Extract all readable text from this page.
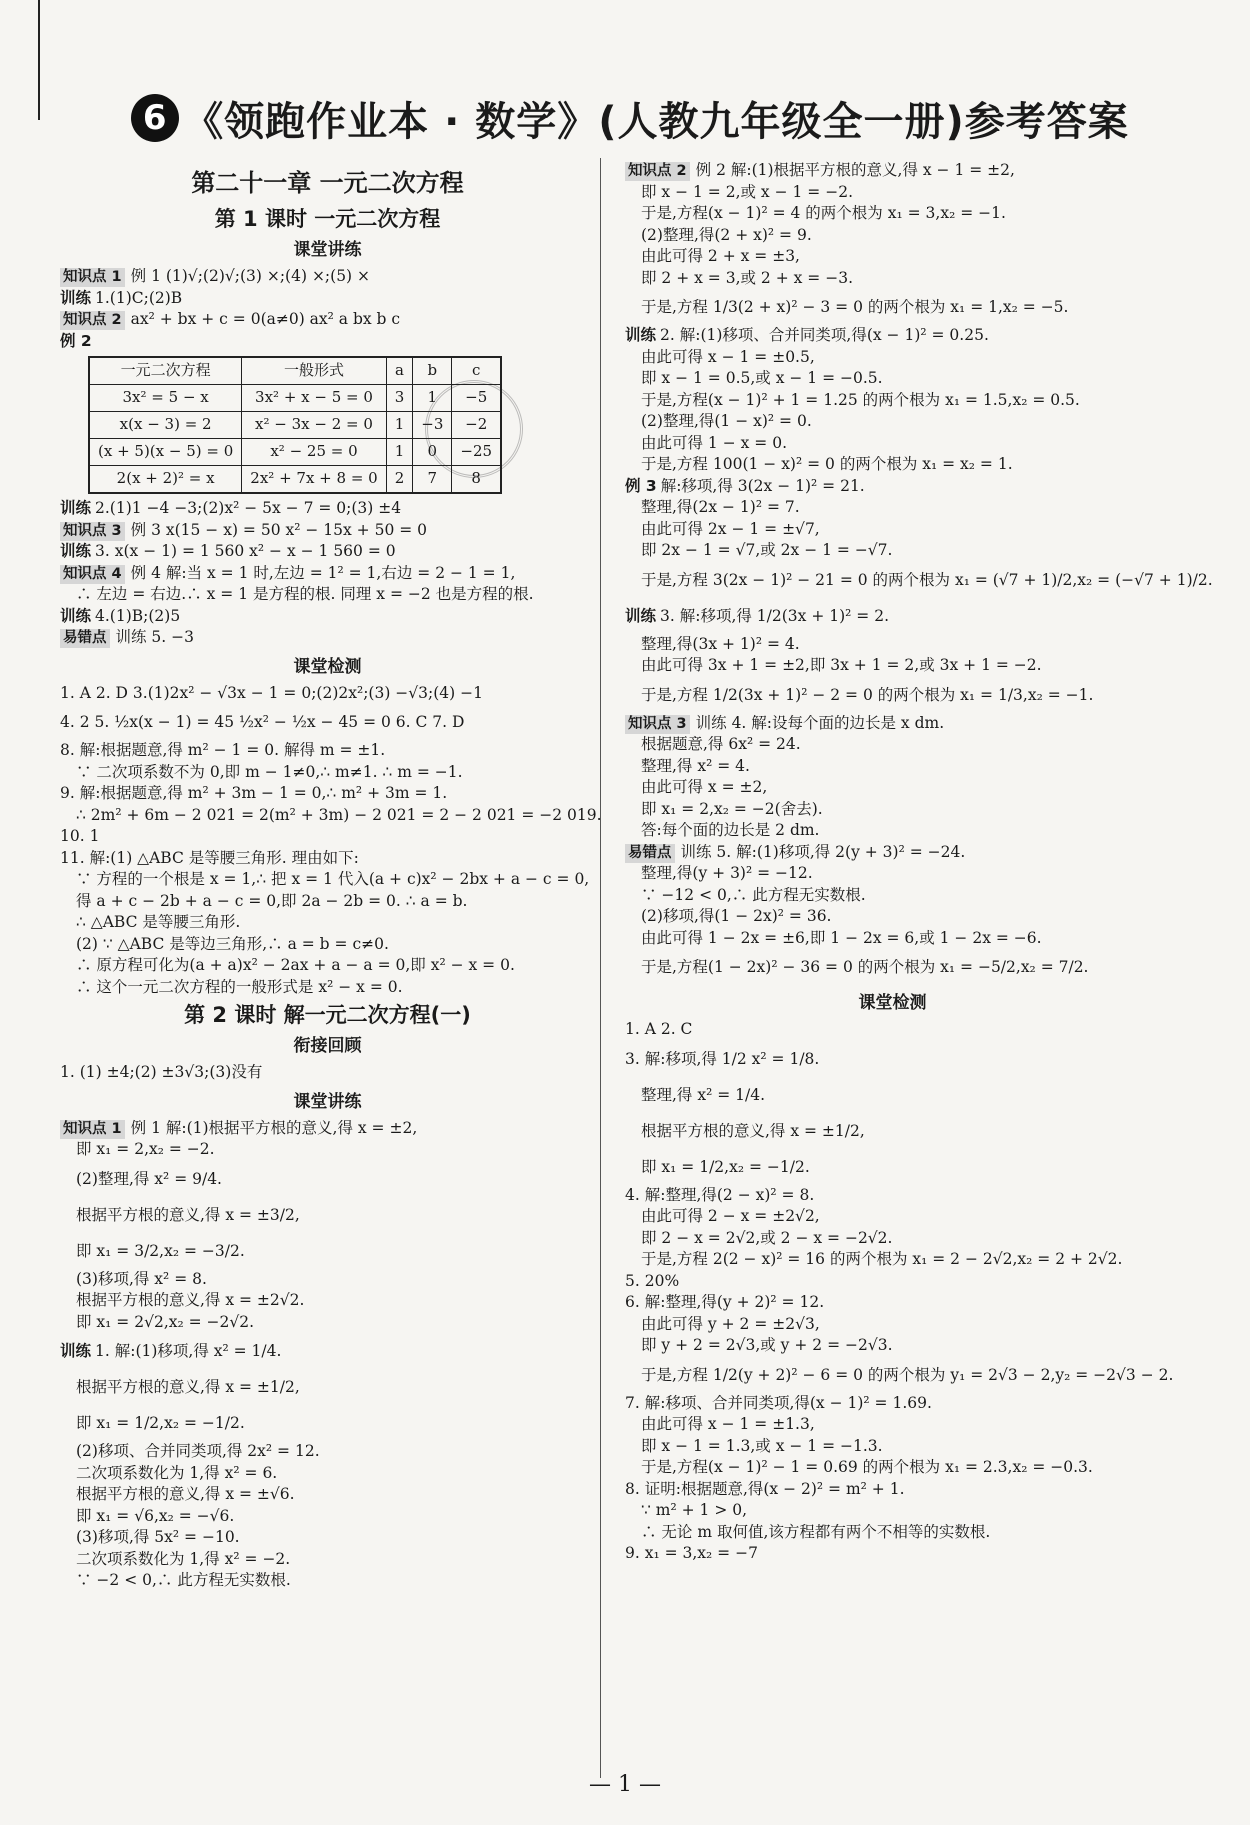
6 《领跑作业本 · 数学》(人教九年级全一册)参考答案
第二十一章 一元二次方程
第 1 课时 一元二次方程
课堂讲练
知识点 1 例 1 (1)√;(2)√;(3) ×;(4) ×;(5) ×
训练 1.(1)C;(2)B
知识点 2 ax² + bx + c = 0(a≠0) ax² a bx b c
例 2
一元二次方程	一般形式	a	b	c
3x² = 5 − x	3x² + x − 5 = 0	3	1	−5
x(x − 3) = 2	x² − 3x − 2 = 0	1	−3	−2
(x + 5)(x − 5) = 0	x² − 25 = 0	1	0	−25
2(x + 2)² = x	2x² + 7x + 8 = 0	2	7	8
训练 2.(1)1 −4 −3;(2)x² − 5x − 7 = 0;(3) ±4
知识点 3 例 3 x(15 − x) = 50 x² − 15x + 50 = 0
训练 3. x(x − 1) = 1 560 x² − x − 1 560 = 0
知识点 4 例 4 解:当 x = 1 时,左边 = 1² = 1,右边 = 2 − 1 = 1,
∴ 左边 = 右边.∴ x = 1 是方程的根. 同理 x = −2 也是方程的根.
训练 4.(1)B;(2)5
易错点 训练 5. −3
课堂检测
1. A 2. D 3.(1)2x² − √3x − 1 = 0;(2)2x²;(3) −√3;(4) −1
4. 2 5. ½x(x − 1) = 45 ½x² − ½x − 45 = 0 6. C 7. D
8. 解:根据题意,得 m² − 1 = 0. 解得 m = ±1.
∵ 二次项系数不为 0,即 m − 1≠0,∴ m≠1. ∴ m = −1.
9. 解:根据题意,得 m² + 3m − 1 = 0,∴ m² + 3m = 1.
∴ 2m² + 6m − 2 021 = 2(m² + 3m) − 2 021 = 2 − 2 021 = −2 019.
10. 1
11. 解:(1) △ABC 是等腰三角形. 理由如下:
∵ 方程的一个根是 x = 1,∴ 把 x = 1 代入(a + c)x² − 2bx + a − c = 0,
得 a + c − 2b + a − c = 0,即 2a − 2b = 0. ∴ a = b.
∴ △ABC 是等腰三角形.
(2) ∵ △ABC 是等边三角形,∴ a = b = c≠0.
∴ 原方程可化为(a + a)x² − 2ax + a − a = 0,即 x² − x = 0.
∴ 这个一元二次方程的一般形式是 x² − x = 0.
第 2 课时 解一元二次方程(一)
衔接回顾
1. (1) ±4;(2) ±3√3;(3)没有
课堂讲练
知识点 1 例 1 解:(1)根据平方根的意义,得 x = ±2,
即 x₁ = 2,x₂ = −2.
(2)整理,得 x² = 9/4.
根据平方根的意义,得 x = ±3/2,
即 x₁ = 3/2,x₂ = −3/2.
(3)移项,得 x² = 8.
根据平方根的意义,得 x = ±2√2.
即 x₁ = 2√2,x₂ = −2√2.
训练 1. 解:(1)移项,得 x² = 1/4.
根据平方根的意义,得 x = ±1/2,
即 x₁ = 1/2,x₂ = −1/2.
(2)移项、合并同类项,得 2x² = 12.
二次项系数化为 1,得 x² = 6.
根据平方根的意义,得 x = ±√6.
即 x₁ = √6,x₂ = −√6.
(3)移项,得 5x² = −10.
二次项系数化为 1,得 x² = −2.
∵ −2 < 0,∴ 此方程无实数根.
知识点 2 例 2 解:(1)根据平方根的意义,得 x − 1 = ±2,
即 x − 1 = 2,或 x − 1 = −2.
于是,方程(x − 1)² = 4 的两个根为 x₁ = 3,x₂ = −1.
(2)整理,得(2 + x)² = 9.
由此可得 2 + x = ±3,
即 2 + x = 3,或 2 + x = −3.
于是,方程 1/3(2 + x)² − 3 = 0 的两个根为 x₁ = 1,x₂ = −5.
训练 2. 解:(1)移项、合并同类项,得(x − 1)² = 0.25.
由此可得 x − 1 = ±0.5,
即 x − 1 = 0.5,或 x − 1 = −0.5.
于是,方程(x − 1)² + 1 = 1.25 的两个根为 x₁ = 1.5,x₂ = 0.5.
(2)整理,得(1 − x)² = 0.
由此可得 1 − x = 0.
于是,方程 100(1 − x)² = 0 的两个根为 x₁ = x₂ = 1.
例 3 解:移项,得 3(2x − 1)² = 21.
整理,得(2x − 1)² = 7.
由此可得 2x − 1 = ±√7,
即 2x − 1 = √7,或 2x − 1 = −√7.
于是,方程 3(2x − 1)² − 21 = 0 的两个根为 x₁ = (√7 + 1)/2,x₂ = (−√7 + 1)/2.
训练 3. 解:移项,得 1/2(3x + 1)² = 2.
整理,得(3x + 1)² = 4.
由此可得 3x + 1 = ±2,即 3x + 1 = 2,或 3x + 1 = −2.
于是,方程 1/2(3x + 1)² − 2 = 0 的两个根为 x₁ = 1/3,x₂ = −1.
知识点 3 训练 4. 解:设每个面的边长是 x dm.
根据题意,得 6x² = 24.
整理,得 x² = 4.
由此可得 x = ±2,
即 x₁ = 2,x₂ = −2(舍去).
答:每个面的边长是 2 dm.
易错点 训练 5. 解:(1)移项,得 2(y + 3)² = −24.
整理,得(y + 3)² = −12.
∵ −12 < 0,∴ 此方程无实数根.
(2)移项,得(1 − 2x)² = 36.
由此可得 1 − 2x = ±6,即 1 − 2x = 6,或 1 − 2x = −6.
于是,方程(1 − 2x)² − 36 = 0 的两个根为 x₁ = −5/2,x₂ = 7/2.
课堂检测
1. A 2. C
3. 解:移项,得 1/2 x² = 1/8.
整理,得 x² = 1/4.
根据平方根的意义,得 x = ±1/2,
即 x₁ = 1/2,x₂ = −1/2.
4. 解:整理,得(2 − x)² = 8.
由此可得 2 − x = ±2√2,
即 2 − x = 2√2,或 2 − x = −2√2.
于是,方程 2(2 − x)² = 16 的两个根为 x₁ = 2 − 2√2,x₂ = 2 + 2√2.
5. 20%
6. 解:整理,得(y + 2)² = 12.
由此可得 y + 2 = ±2√3,
即 y + 2 = 2√3,或 y + 2 = −2√3.
于是,方程 1/2(y + 2)² − 6 = 0 的两个根为 y₁ = 2√3 − 2,y₂ = −2√3 − 2.
7. 解:移项、合并同类项,得(x − 1)² = 1.69.
由此可得 x − 1 = ±1.3,
即 x − 1 = 1.3,或 x − 1 = −1.3.
于是,方程(x − 1)² − 1 = 0.69 的两个根为 x₁ = 2.3,x₂ = −0.3.
8. 证明:根据题意,得(x − 2)² = m² + 1.
∵ m² + 1 > 0,
∴ 无论 m 取何值,该方程都有两个不相等的实数根.
9. x₁ = 3,x₂ = −7
— 1 —
